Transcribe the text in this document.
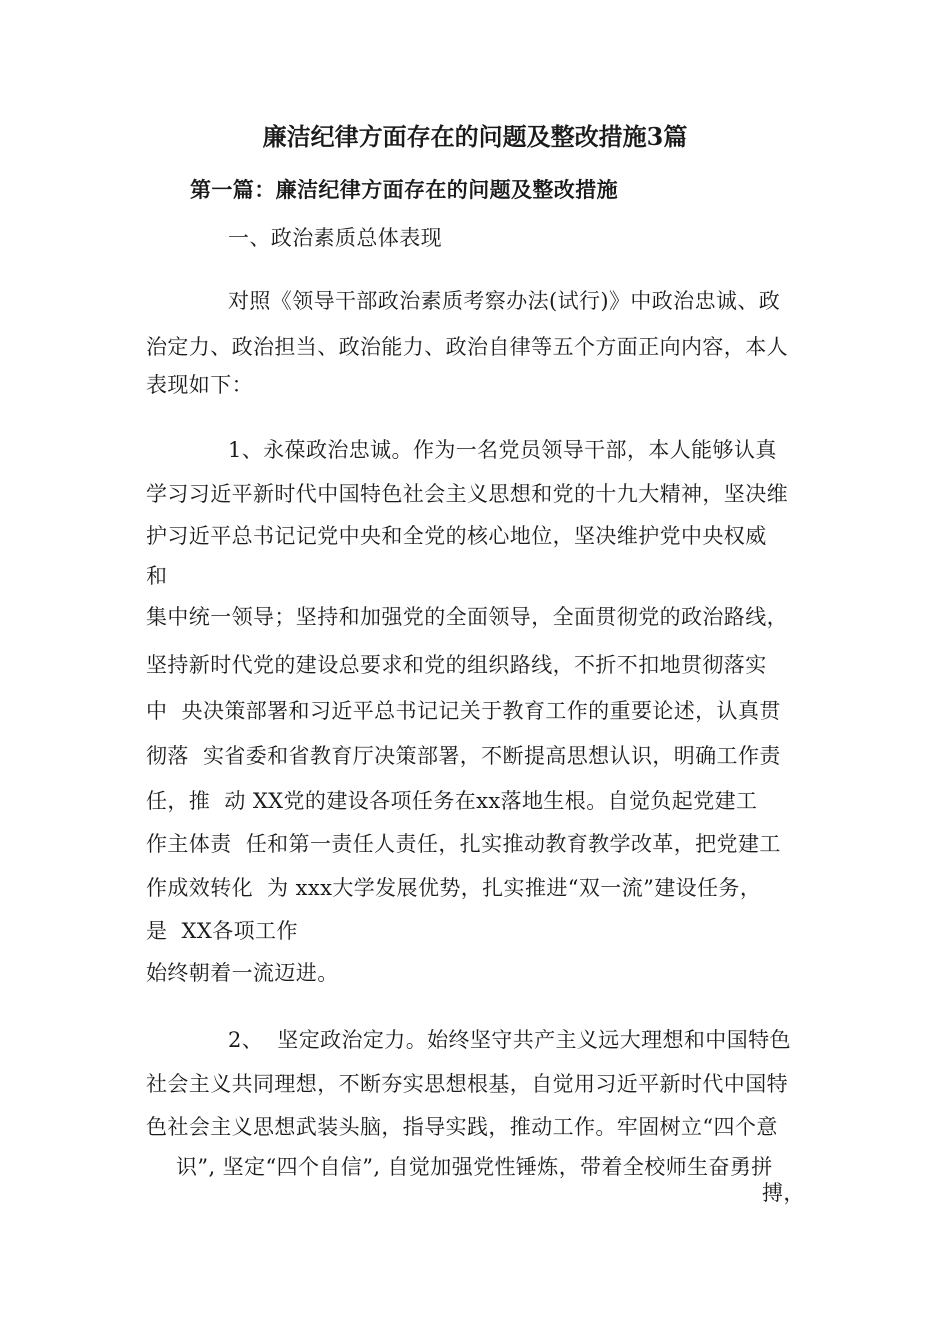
廉洁纪律方面存在的问题及整改措施3篇
第一篇：廉洁纪律方面存在的问题及整改措施
一、政治素质总体表现
对照《领导干部政治素质考察办法(试行)》中政治忠诚、政
治定力、政治担当、政治能力、政治自律等五个方面正向内容，本人
表现如下：
1、永葆政治忠诚。作为一名党员领导干部，本人能够认真
学习习近平新时代中国特色社会主义思想和党的十九大精神，坚决维
护习近平总书记记党中央和全党的核心地位，坚决维护党中央权威
和
集中统一领导；坚持和加强党的全面领导，全面贯彻党的政治路线，
坚持新时代党的建设总要求和党的组织路线，不折不扣地贯彻落实
中  央决策部署和习近平总书记记关于教育工作的重要论述，认真贯
彻落  实省委和省教育厅决策部署，不断提高思想认识，明确工作责
任，推  动 XX党的建设各项任务在xx落地生根。自觉负起党建工
作主体责  任和第一责任人责任，扎实推动教育教学改革，把党建工
作成效转化  为 xxx大学发展优势，扎实推进“双一流”建设任务，
是  XX各项工作
始终朝着一流迈进。
2、  坚定政治定力。始终坚守共产主义远大理想和中国特色
社会主义共同理想，不断夯实思想根基，自觉用习近平新时代中国特
色社会主义思想武装头脑，指导实践，推动工作。牢固树立“四个意
识”, 坚定“四个自信”, 自觉加强党性锤炼，带着全校师生奋勇拼
搏，
